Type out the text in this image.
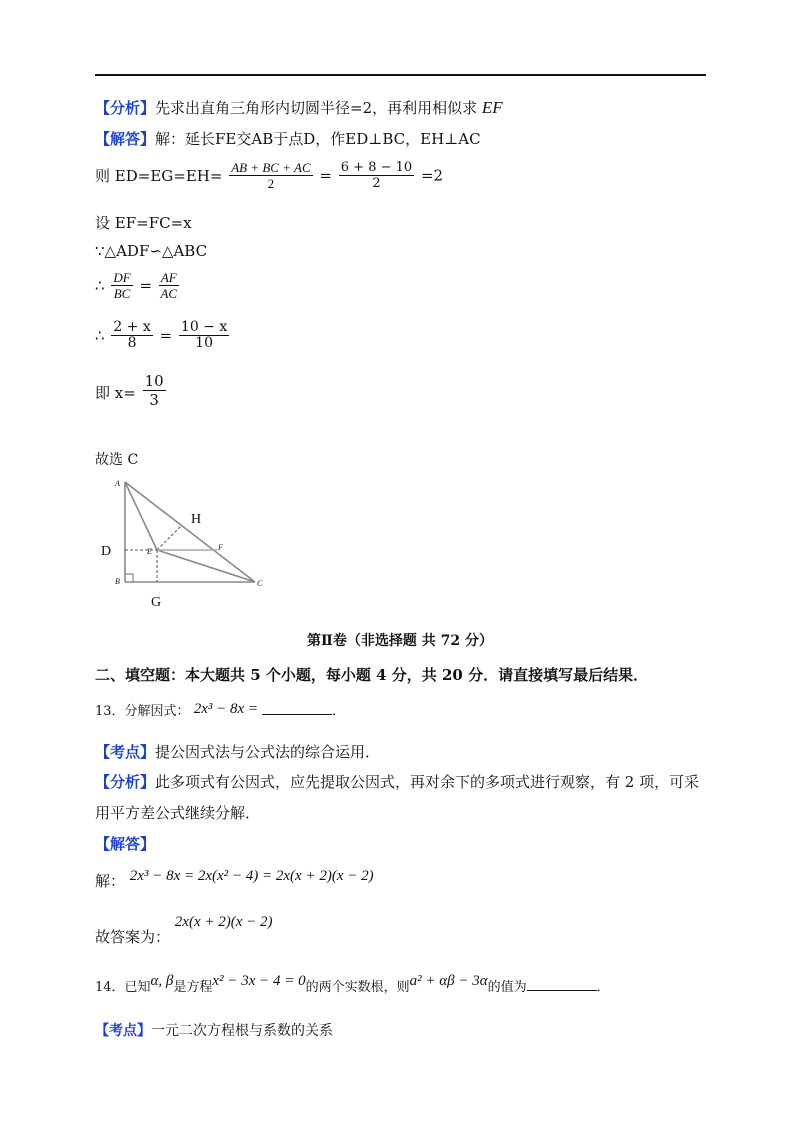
【分析】先求出直角三角形内切圆半径=2，再利用相似求 EF
【解答】解：延长FE交AB于点D，作ED⊥BC，EH⊥AC
则 $ED=EG=EH= \frac{AB + BC + AC}{2} = \frac{6 + 8 - 10}{2} =2$
设 EF=FC=x
∵△ADF∽△ABC
∴ $\frac{DF}{BC} = \frac{AF}{AC}$
∴ $\frac{2 + x}{8} = \frac{10 - x}{10}$
即 $x= \frac{10}{3}$
故选 C
A
B	C
D	E	F
G
H
第Ⅱ卷（非选择题 共 72 分）
二、填空题：本大题共 5 个小题，每小题 4 分，共 20 分．请直接填写最后结果．
13．分解因式： 2x³ − 8x =	．
【考点】提公因式法与公式法的综合运用．
【分析】此多项式有公因式，应先提取公因式，再对余下的多项式进行观察，有 2 项，可采
用平方差公式继续分解．
【解答】
解： 2x³ − 8x = 2x(x² − 4) = 2x(x + 2)(x − 2)
故答案为： 2x(x + 2)(x − 2)
14．已知α, β是方程x² − 3x − 4 = 0的两个实数根，则a² + αβ − 3α的值为	．
【考点】一元二次方程根与系数的关系
